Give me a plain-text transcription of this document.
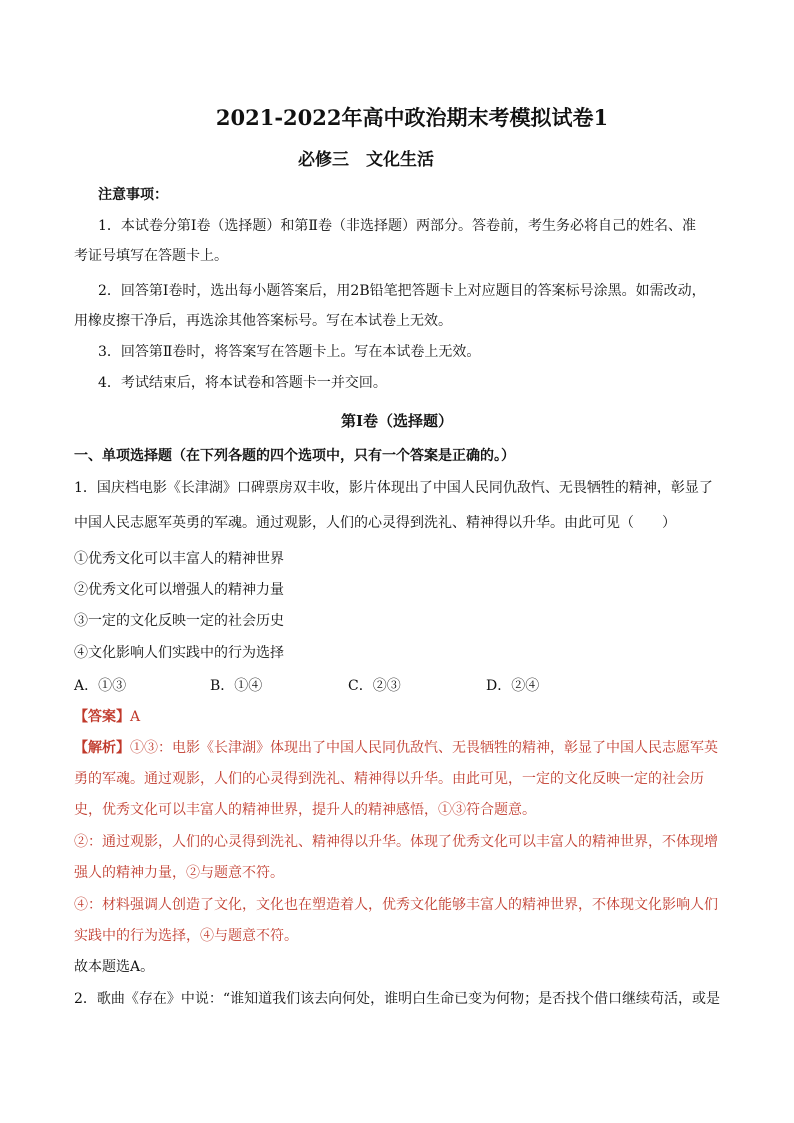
2021-2022年高中政治期末考模拟试卷1
必修三　文化生活
注意事项：
1．本试卷分第Ⅰ卷（选择题）和第Ⅱ卷（非选择题）两部分。答卷前，考生务必将自己的姓名、准
考证号填写在答题卡上。
2．回答第Ⅰ卷时，选出每小题答案后，用2B铅笔把答题卡上对应题目的答案标号涂黑。如需改动，
用橡皮擦干净后，再选涂其他答案标号。写在本试卷上无效。
3．回答第Ⅱ卷时，将答案写在答题卡上。写在本试卷上无效。
4．考试结束后，将本试卷和答题卡一并交回。
第Ⅰ卷（选择题）
一、单项选择题（在下列各题的四个选项中，只有一个答案是正确的。）
1．国庆档电影《长津湖》口碑票房双丰收，影片体现出了中国人民同仇敌忾、无畏牺牲的精神，彰显了
中国人民志愿军英勇的军魂。通过观影，人们的心灵得到洗礼、精神得以升华。由此可见（　　）
①优秀文化可以丰富人的精神世界
②优秀文化可以增强人的精神力量
③一定的文化反映一定的社会历史
④文化影响人们实践中的行为选择
A．①③	B．①④	C．②③	D．②④
【答案】A
【解析】①③：电影《长津湖》体现出了中国人民同仇敌忾、无畏牺牲的精神，彰显了中国人民志愿军英
勇的军魂。通过观影，人们的心灵得到洗礼、精神得以升华。由此可见，一定的文化反映一定的社会历
史，优秀文化可以丰富人的精神世界，提升人的精神感悟，①③符合题意。
②：通过观影，人们的心灵得到洗礼、精神得以升华。体现了优秀文化可以丰富人的精神世界，不体现增
强人的精神力量，②与题意不符。
④：材料强调人创造了文化，文化也在塑造着人，优秀文化能够丰富人的精神世界，不体现文化影响人们
实践中的行为选择，④与题意不符。
故本题选A。
2．歌曲《存在》中说：“谁知道我们该去向何处，谁明白生命已变为何物；是否找个借口继续苟活，或是
